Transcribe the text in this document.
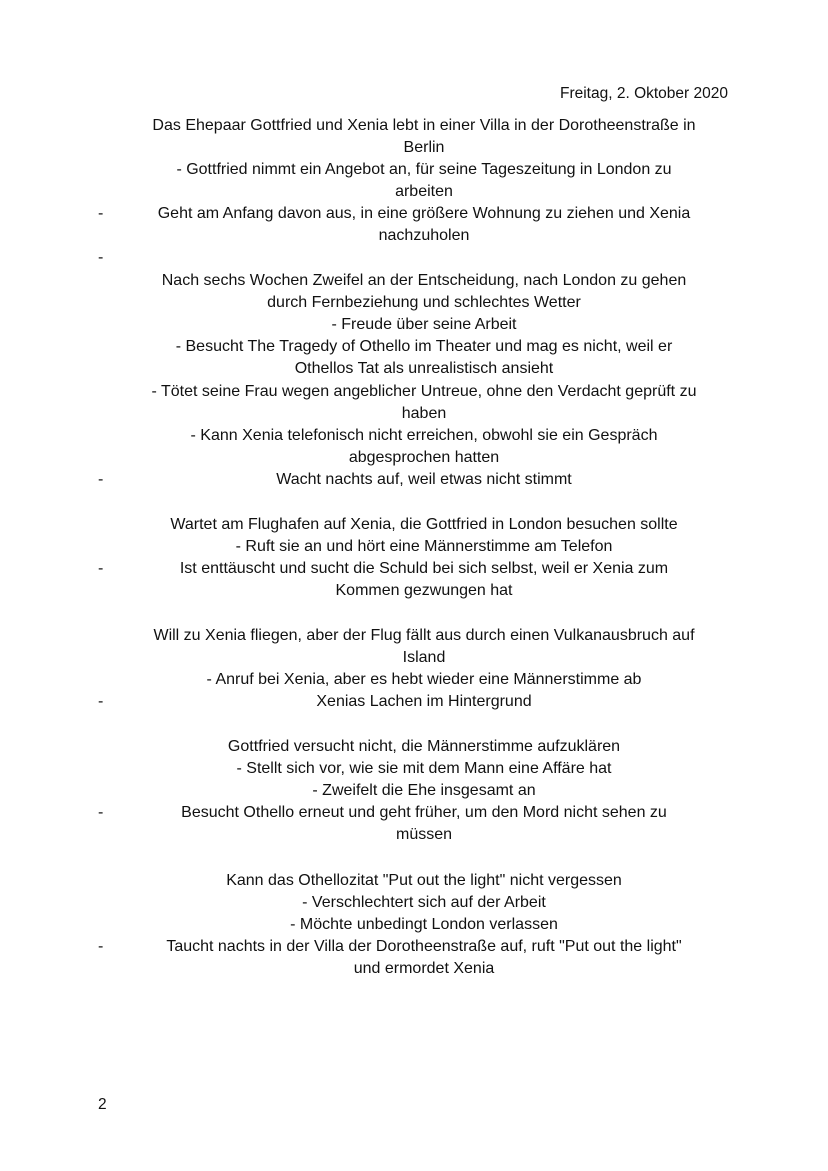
Freitag, 2. Oktober 2020
Das Ehepaar Gottfried und Xenia lebt in einer Villa in der Dorotheenstraße in
Berlin
- Gottfried nimmt ein Angebot an, für seine Tageszeitung in London zu
arbeiten
-	Geht am Anfang davon aus, in eine größere Wohnung zu ziehen und Xenia
nachzuholen
-
Nach sechs Wochen Zweifel an der Entscheidung, nach London zu gehen
durch Fernbeziehung und schlechtes Wetter
- Freude über seine Arbeit
- Besucht The Tragedy of Othello im Theater und mag es nicht, weil er
Othellos Tat als unrealistisch ansieht
- Tötet seine Frau wegen angeblicher Untreue, ohne den Verdacht geprüft zu
haben
- Kann Xenia telefonisch nicht erreichen, obwohl sie ein Gespräch
abgesprochen hatten
-	Wacht nachts auf, weil etwas nicht stimmt
Wartet am Flughafen auf Xenia, die Gottfried in London besuchen sollte
- Ruft sie an und hört eine Männerstimme am Telefon
-	Ist enttäuscht und sucht die Schuld bei sich selbst, weil er Xenia zum
Kommen gezwungen hat
Will zu Xenia fliegen, aber der Flug fällt aus durch einen Vulkanausbruch auf
Island
- Anruf bei Xenia, aber es hebt wieder eine Männerstimme ab
-	Xenias Lachen im Hintergrund
Gottfried versucht nicht, die Männerstimme aufzuklären
- Stellt sich vor, wie sie mit dem Mann eine Affäre hat
- Zweifelt die Ehe insgesamt an
-	Besucht Othello erneut und geht früher, um den Mord nicht sehen zu
müssen
Kann das Othellozitat "Put out the light" nicht vergessen
- Verschlechtert sich auf der Arbeit
- Möchte unbedingt London verlassen
-	Taucht nachts in der Villa der Dorotheenstraße auf, ruft "Put out the light"
und ermordet Xenia
2
